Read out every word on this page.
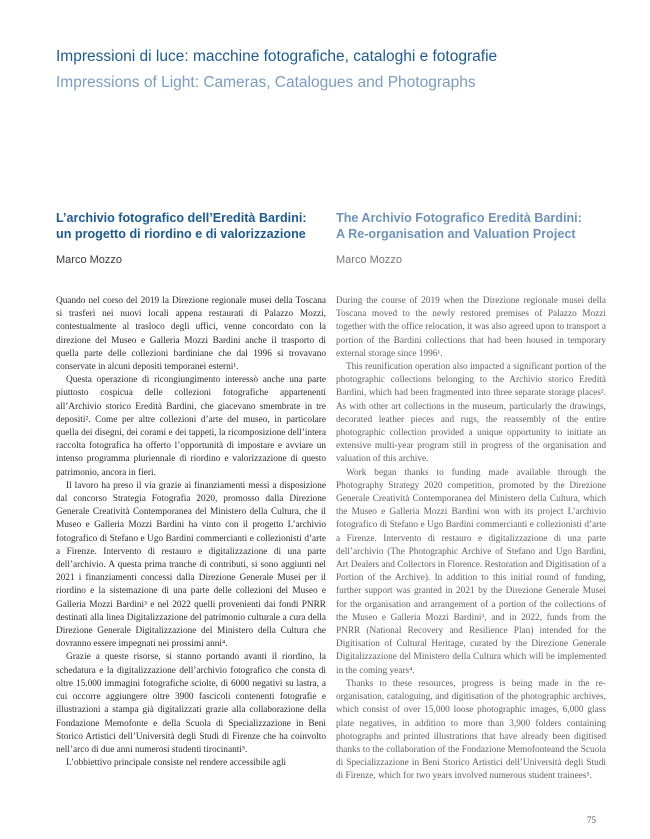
Impressioni di luce: macchine fotografiche, cataloghi e fotografie
Impressions of Light: Cameras, Catalogues and Photographs
L’archivio fotografico dell’Eredità Bardini:
un progetto di riordino e di valorizzazione
Marco Mozzo

Quando nel corso del 2019 la Direzione regionale musei della Toscana si trasferì nei nuovi locali appena restaurati di Palazzo Mozzi, contestualmente al trasloco degli uffici, venne concordato con la direzione del Museo e Galleria Mozzi Bardini anche il trasporto di quella parte delle collezioni bardiniane che dal 1996 si trovavano conservate in alcuni depositi temporanei esterni¹.

Questa operazione di ricongiungimento interessò anche una parte piuttosto cospicua delle collezioni fotografiche appartenenti all’Archivio storico Eredità Bardini, che giacevano smembrate in tre depositi². Come per altre collezioni d’arte del museo, in particolare quella dei disegni, dei corami e dei tappeti, la ricomposizione dell’intera raccolta fotografica ha offerto l’opportunità di impostare e avviare un intenso programma pluriennale di riordino e valorizzazione di questo patrimonio, ancora in fieri.

Il lavoro ha preso il via grazie ai finanziamenti messi a disposizione dal concorso Strategia Fotografia 2020, promosso dalla Direzione Generale Creatività Contemporanea del Ministero della Cultura, che il Museo e Galleria Mozzi Bardini ha vinto con il progetto L’archivio fotografico di Stefano e Ugo Bardini commercianti e collezionisti d’arte a Firenze. Intervento di restauro e digitalizzazione di una parte dell’archivio. A questa prima tranche di contributi, si sono aggiunti nel 2021 i finanziamenti concessi dalla Direzione Generale Musei per il riordino e la sistemazione di una parte delle collezioni del Museo e Galleria Mozzi Bardini³ e nel 2022 quelli provenienti dai fondi PNRR destinati alla linea Digitalizzazione del patrimonio culturale a cura della Direzione Generale Digitalizzazione del Ministero della Cultura che dovranno essere impegnati nei prossimi anni⁴.

Grazie a queste risorse, si stanno portando avanti il riordino, la schedatura e la digitalizzazione dell’archivio fotografico che consta di oltre 15.000 immagini fotografiche sciolte, di 6000 negativi su lastra, a cui occorre aggiungere oltre 3900 fascicoli contenenti fotografie e illustrazioni a stampa già digitalizzati grazie alla collaborazione della Fondazione Memofonte e della Scuola di Specializzazione in Beni Storico Artistici dell’Università degli Studi di Firenze che ha coinvolto nell’arco di due anni numerosi studenti tirocinanti⁵.

L’obbiettivo principale consiste nel rendere accessibile agli

The Archivio Fotografico Eredità Bardini:
A Re-organisation and Valuation Project
Marco Mozzo

During the course of 2019 when the Direzione regionale musei della Toscana moved to the newly restored premises of Palazzo Mozzi together with the office relocation, it was also agreed upon to transport a portion of the Bardini collections that had been housed in temporary external storage since 1996¹.

This reunification operation also impacted a significant portion of the photographic collections belonging to the Archivio storico Eredità Bardini, which had been fragmented into three separate storage places². As with other art collections in the museum, particularly the drawings, decorated leather pieces and rugs, the reassembly of the entire photographic collection provided a unique opportunity to initiate an extensive multi-year program still in progress of the organisation and valuation of this archive.

Work began thanks to funding made available through the Photography Strategy 2020 competition, promoted by the Direzione Generale Creatività Contemporanea del Ministero della Cultura, which the Museo e Galleria Mozzi Bardini won with its project L’archivio fotografico di Stefano e Ugo Bardini commercianti e collezionisti d’arte a Firenze. Intervento di restauro e digitalizzazione di una parte dell’archivio (The Photographic Archive of Stefano and Ugo Bardini, Art Dealers and Collectors in Florence. Restoration and Digitisation of a Portion of the Archive). In addition to this initial round of funding, further support was granted in 2021 by the Direzione Generale Musei for the organisation and arrangement of a portion of the collections of the Museo e Galleria Mozzi Bardini³, and in 2022, funds from the PNRR (National Recovery and Resilience Plan) intended for the Digitisation of Cultural Heritage, curated by the Direzione Generale Digitalizzazione del Ministero della Cultura which will be implemented in the coming years⁴.

Thanks to these resources, progress is being made in the re-organisation, cataloguing, and digitisation of the photographic archives, which consist of over 15,000 loose photographic images, 6,000 glass plate negatives, in addition to more than 3,900 folders containing photographs and printed illustrations that have already been digitised thanks to the collaboration of the Fondazione Memofonteand the Scuola di Specializzazione in Beni Storico Artistici dell’Università degli Studi di Firenze, which for two years involved numerous student trainees⁵.

75
